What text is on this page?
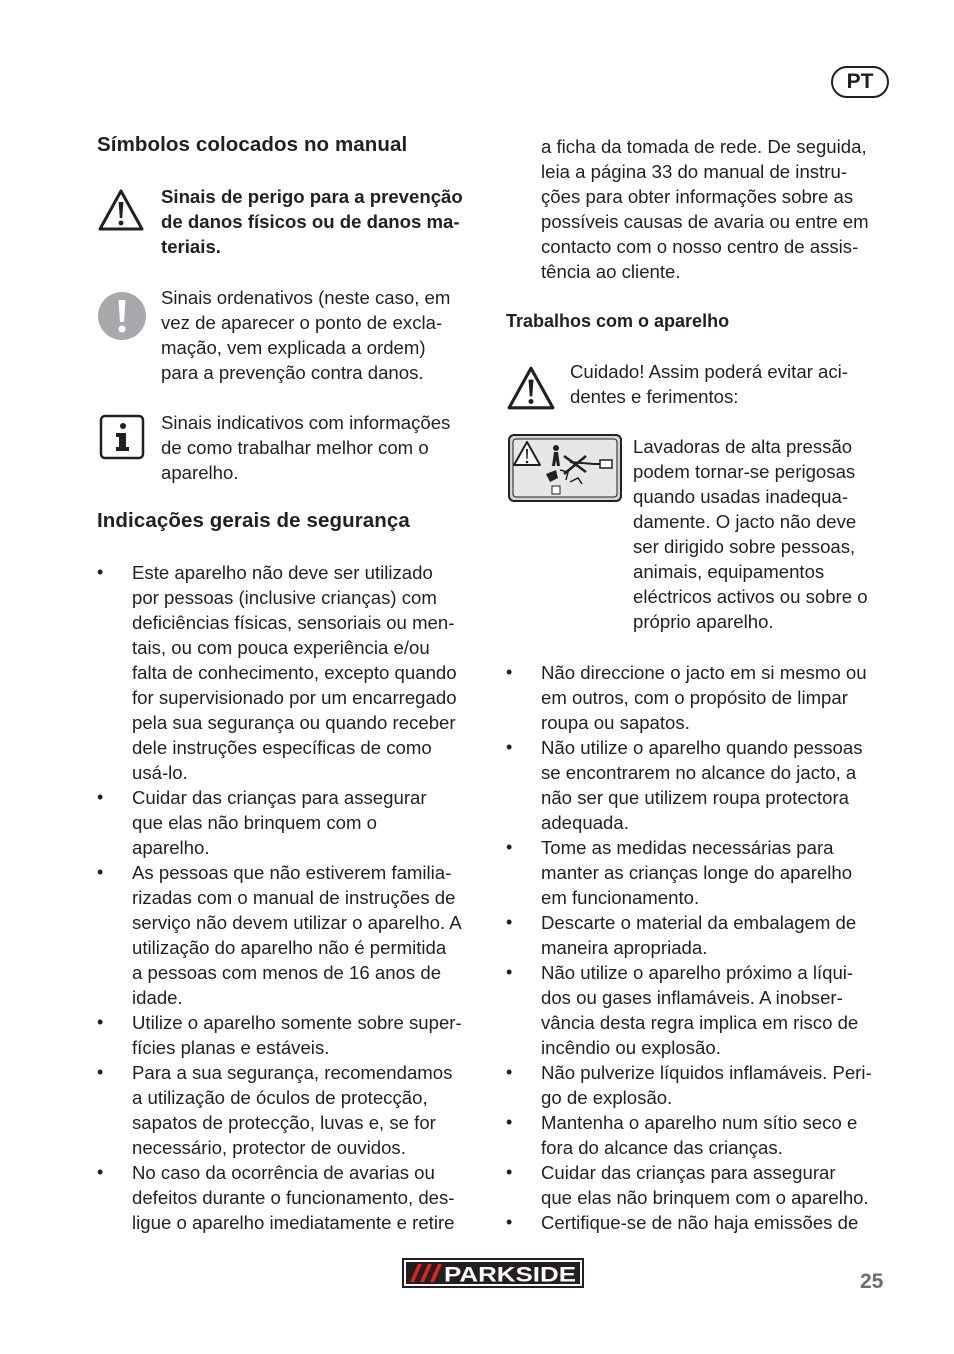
PT
Símbolos colocados no manual
Sinais de perigo para a prevenção
de danos físicos ou de danos ma-
teriais.
Sinais ordenativos (neste caso, em
vez de aparecer o ponto de excla-
mação, vem explicada a ordem)
para a prevenção contra danos.
Sinais indicativos com informações
de como trabalhar melhor com o
aparelho.
Indicações gerais de segurança
• Este aparelho não deve ser utilizado
por pessoas (inclusive crianças) com
deficiências físicas, sensoriais ou men-
tais, ou com pouca experiência e/ou
falta de conhecimento, excepto quando
for supervisionado por um encarregado
pela sua segurança ou quando receber
dele instruções específicas de como
usá-lo.
• Cuidar das crianças para assegurar
que elas não brinquem com o
aparelho.
• As pessoas que não estiverem familia-
rizadas com o manual de instruções de
serviço não devem utilizar o aparelho. A
utilização do aparelho não é permitida
a pessoas com menos de 16 anos de
idade.
• Utilize o aparelho somente sobre super-
fícies planas e estáveis.
• Para a sua segurança, recomendamos
a utilização de óculos de protecção,
sapatos de protecção, luvas e, se for
necessário, protector de ouvidos.
• No caso da ocorrência de avarias ou
defeitos durante o funcionamento, des-
ligue o aparelho imediatamente e retire
a ficha da tomada de rede. De seguida,
leia a página 33 do manual de instru-
ções para obter informações sobre as
possíveis causas de avaria ou entre em
contacto com o nosso centro de assis-
tência ao cliente.
Trabalhos com o aparelho
Cuidado! Assim poderá evitar aci-
dentes e ferimentos:
Lavadoras de alta pressão
podem tornar-se perigosas
quando usadas inadequa-
damente. O jacto não deve
ser dirigido sobre pessoas,
animais, equipamentos
eléctricos activos ou sobre o
próprio aparelho.
• Não direccione o jacto em si mesmo ou
em outros, com o propósito de limpar
roupa ou sapatos.
• Não utilize o aparelho quando pessoas
se encontrarem no alcance do jacto, a
não ser que utilizem roupa protectora
adequada.
• Tome as medidas necessárias para
manter as crianças longe do aparelho
em funcionamento.
• Descarte o material da embalagem de
maneira apropriada.
• Não utilize o aparelho próximo a líqui-
dos ou gases inflamáveis. A inobser-
vância desta regra implica em risco de
incêndio ou explosão.
• Não pulverize líquidos inflamáveis. Peri-
go de explosão.
• Mantenha o aparelho num sítio seco e
fora do alcance das crianças.
• Cuidar das crianças para assegurar
que elas não brinquem com o aparelho.
• Certifique-se de não haja emissões de
PARKSIDE	25
